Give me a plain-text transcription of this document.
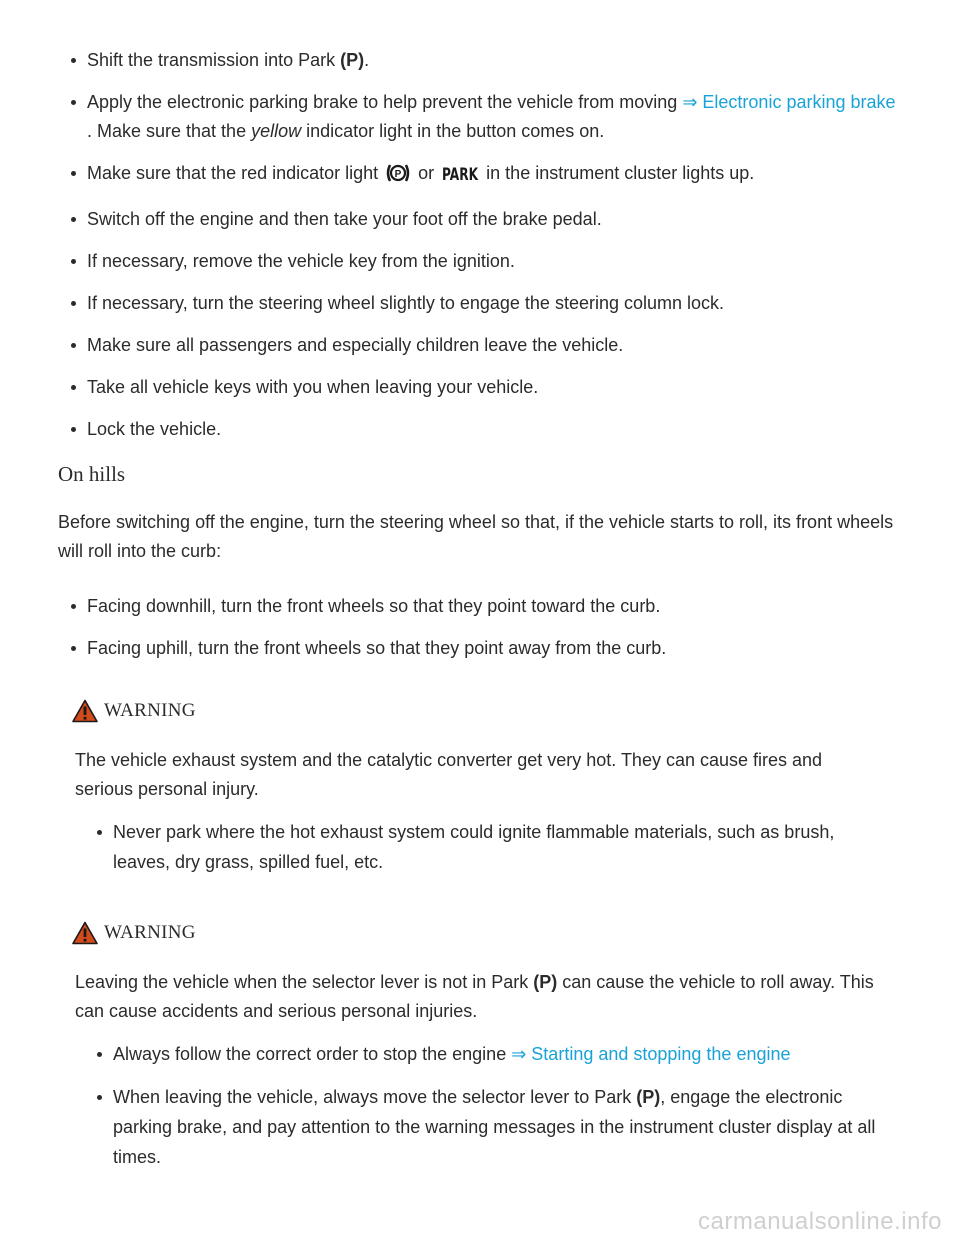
Shift the transmission into Park (P).
Apply the electronic parking brake to help prevent the vehicle from moving ⇒ Electronic parking brake . Make sure that the yellow indicator light in the button comes on.
Make sure that the red indicator light P or PARK in the instrument cluster lights up.
Switch off the engine and then take your foot off the brake pedal.
If necessary, remove the vehicle key from the ignition.
If necessary, turn the steering wheel slightly to engage the steering column lock.
Make sure all passengers and especially children leave the vehicle.
Take all vehicle keys with you when leaving your vehicle.
Lock the vehicle.
On hills

Before switching off the engine, turn the steering wheel so that, if the vehicle starts to roll, its front wheels will roll into the curb:

Facing downhill, turn the front wheels so that they point toward the curb.
Facing uphill, turn the front wheels so that they point away from the curb.
WARNING

The vehicle exhaust system and the catalytic converter get very hot. They can cause fires and serious personal injury.

Never park where the hot exhaust system could ignite flammable materials, such as brush, leaves, dry grass, spilled fuel, etc.
WARNING

Leaving the vehicle when the selector lever is not in Park (P) can cause the vehicle to roll away. This can cause accidents and serious personal injuries.

Always follow the correct order to stop the engine ⇒ Starting and stopping the engine
When leaving the vehicle, always move the selector lever to Park (P), engage the electronic parking brake, and pay attention to the warning messages in the instrument cluster display at all times.
carmanualsonline.info
